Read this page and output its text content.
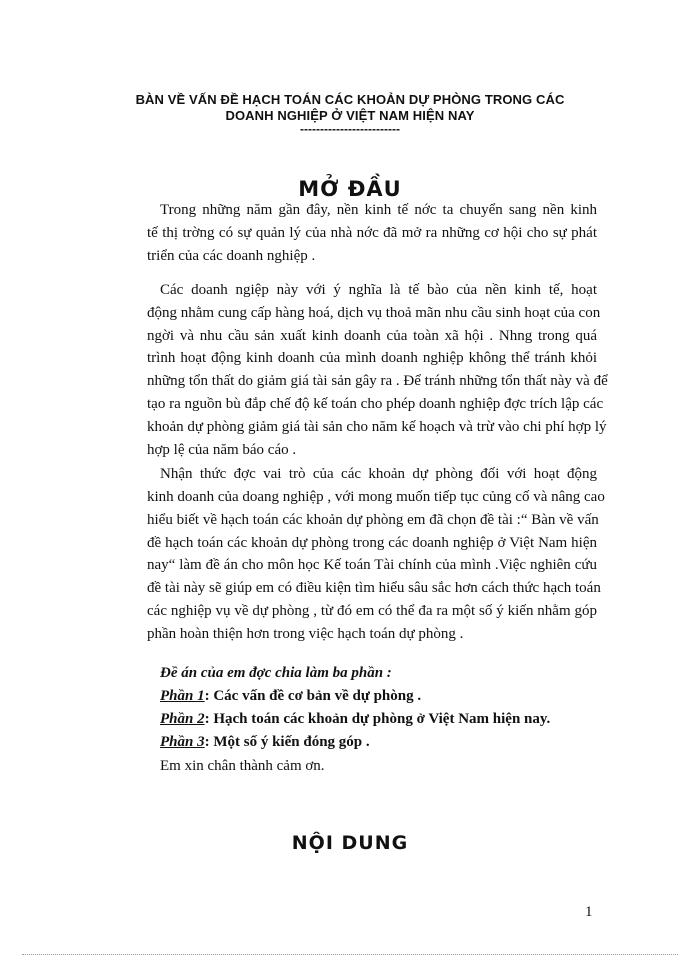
BÀN VỀ VẤN ĐỀ HẠCH TOÁN CÁC KHOẢN DỰ PHÒNG TRONG CÁC
DOANH NGHIỆP Ở VIỆT NAM HIỆN NAY
-------------------------
MỞ ĐẦU
Trong những năm gần đây, nền kinh tế nớc ta chuyển sang nền kinh
tế thị trờng có sự quản lý của nhà nớc đã mở ra những cơ hội cho sự phát
triển của các doanh nghiệp .
Các doanh ngiệp này với ý nghĩa là tế bào của nền kinh tế, hoạt
động nhằm cung cấp hàng hoá, dịch vụ thoả mãn nhu cầu sinh hoạt của con
ngời và nhu cầu sản xuất kinh doanh của toàn xã hội . Nhng trong quá
trình hoạt động kinh doanh của mình doanh nghiệp không thể tránh khỏi
những tổn thất do giảm giá tài sản gây ra . Để tránh những tổn thất này và để
tạo ra nguồn bù đắp chế độ kế toán cho phép doanh nghiệp đợc trích lập các
khoản dự phòng giảm giá tài sản cho năm kế hoạch và trừ vào chi phí hợp lý
hợp lệ của năm báo cáo .
Nhận thức đợc vai trò của các khoản dự phòng đối với hoạt động
kinh doanh của doang nghiệp , với mong muốn tiếp tục củng cố và nâng cao
hiểu biết về hạch toán các khoản dự phòng em đã chọn đề tài :“ Bàn về vấn
đề hạch toán các khoản dự phòng trong các doanh nghiệp ở Việt Nam hiện
nay“ làm đề án cho môn học Kế toán Tài chính của mình .Việc nghiên cứu
đề tài này sẽ giúp em có điều kiện tìm hiểu sâu sắc hơn cách thức hạch toán
các nghiệp vụ về dự phòng , từ đó em có thể đa ra một số ý kiến nhằm góp
phần hoàn thiện hơn trong việc hạch toán dự phòng .
Đề án của em đợc chia làm ba phần :
Phần 1: Các vấn đề cơ bản về dự phòng .
Phần 2: Hạch toán các khoản dự phòng ở Việt Nam hiện nay.
Phần 3: Một số ý kiến đóng góp .
Em xin chân thành cảm ơn.
NỘI DUNG
1
